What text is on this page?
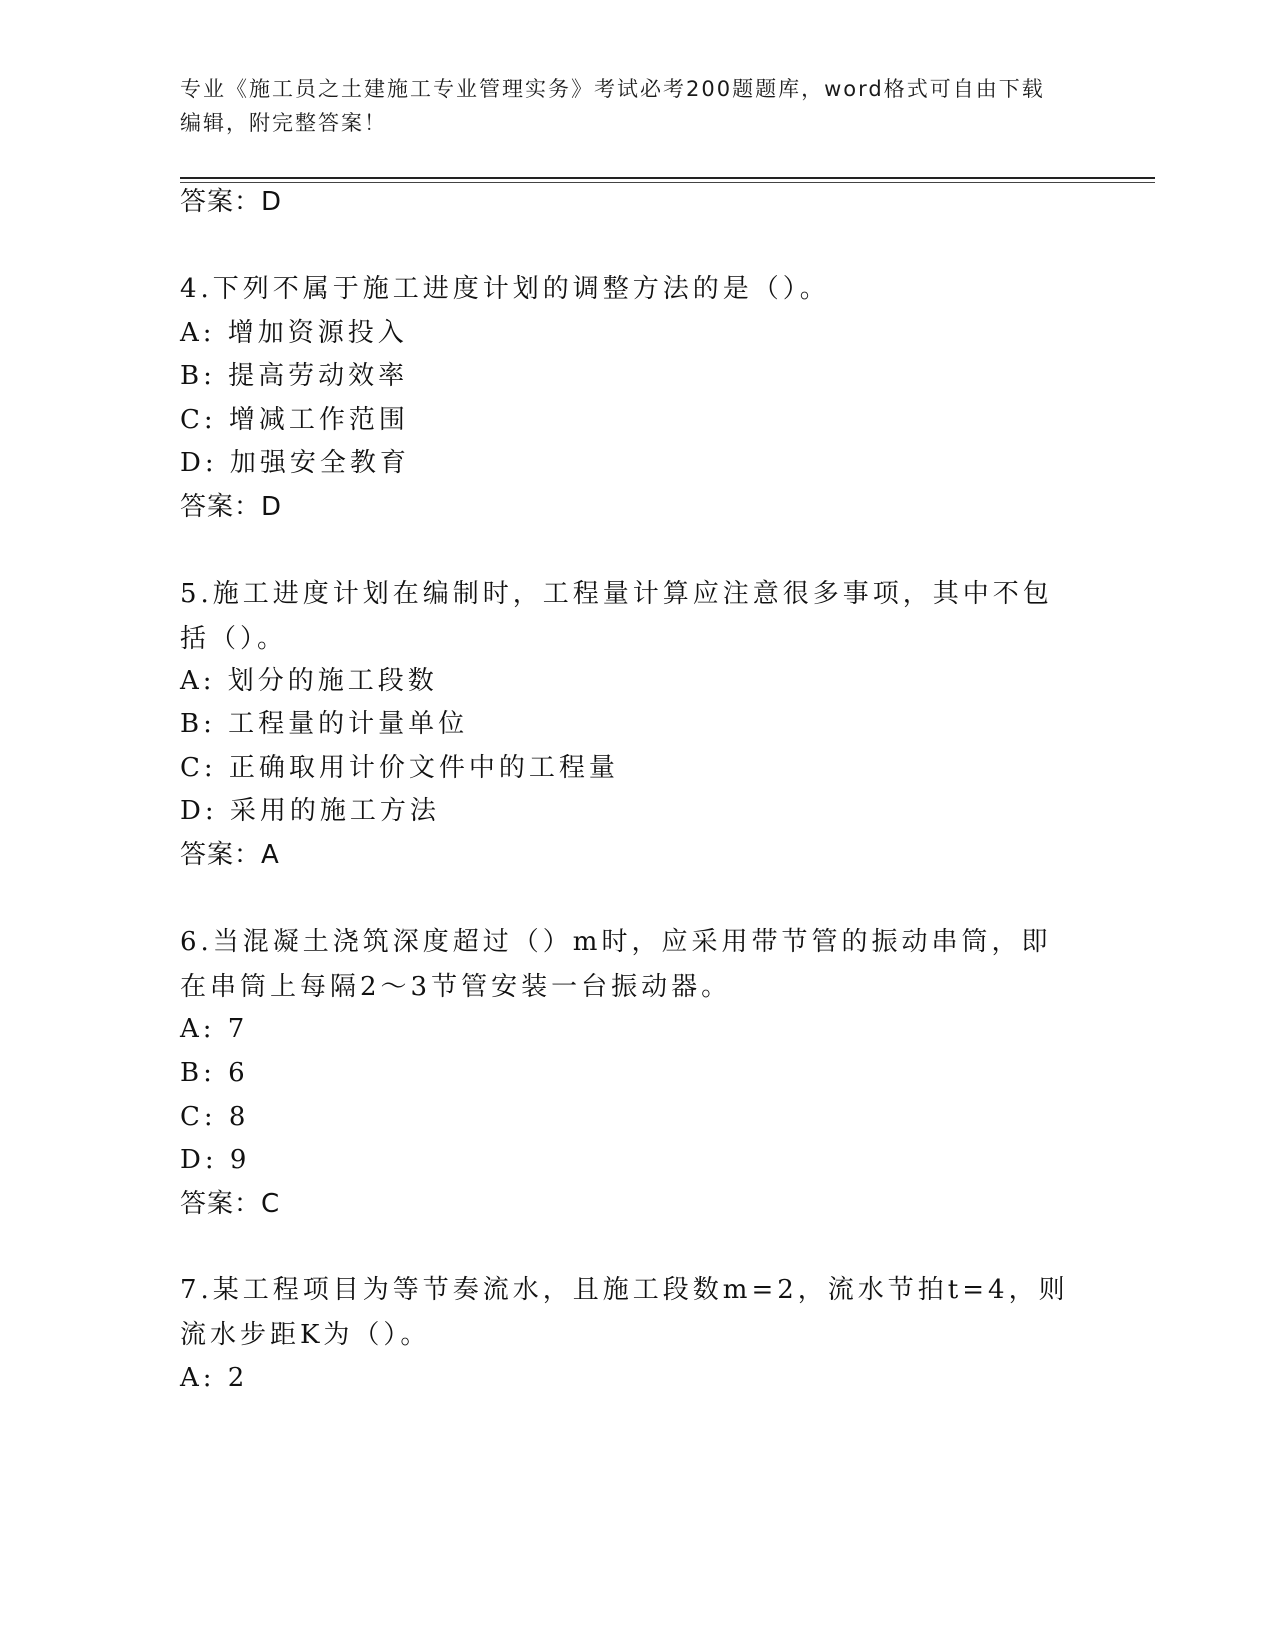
专业《施工员之土建施工专业管理实务》考试必考200题题库，word格式可自由下载编辑，附完整答案！

答案：D

4.下列不属于施工进度计划的调整方法的是（）。

A: 增加资源投入

B: 提高劳动效率

C: 增减工作范围

D: 加强安全教育

答案：D

5.施工进度计划在编制时，工程量计算应注意很多事项，其中不包括（）。

A: 划分的施工段数

B: 工程量的计量单位

C: 正确取用计价文件中的工程量

D: 采用的施工方法

答案：A

6.当混凝土浇筑深度超过（）m时，应采用带节管的振动串筒，即在串筒上每隔2～3节管安装一台振动器。

A: 7

B: 6

C: 8

D: 9

答案：C

7.某工程项目为等节奏流水，且施工段数m=2，流水节拍t=4，则流水步距K为（）。

A: 2
